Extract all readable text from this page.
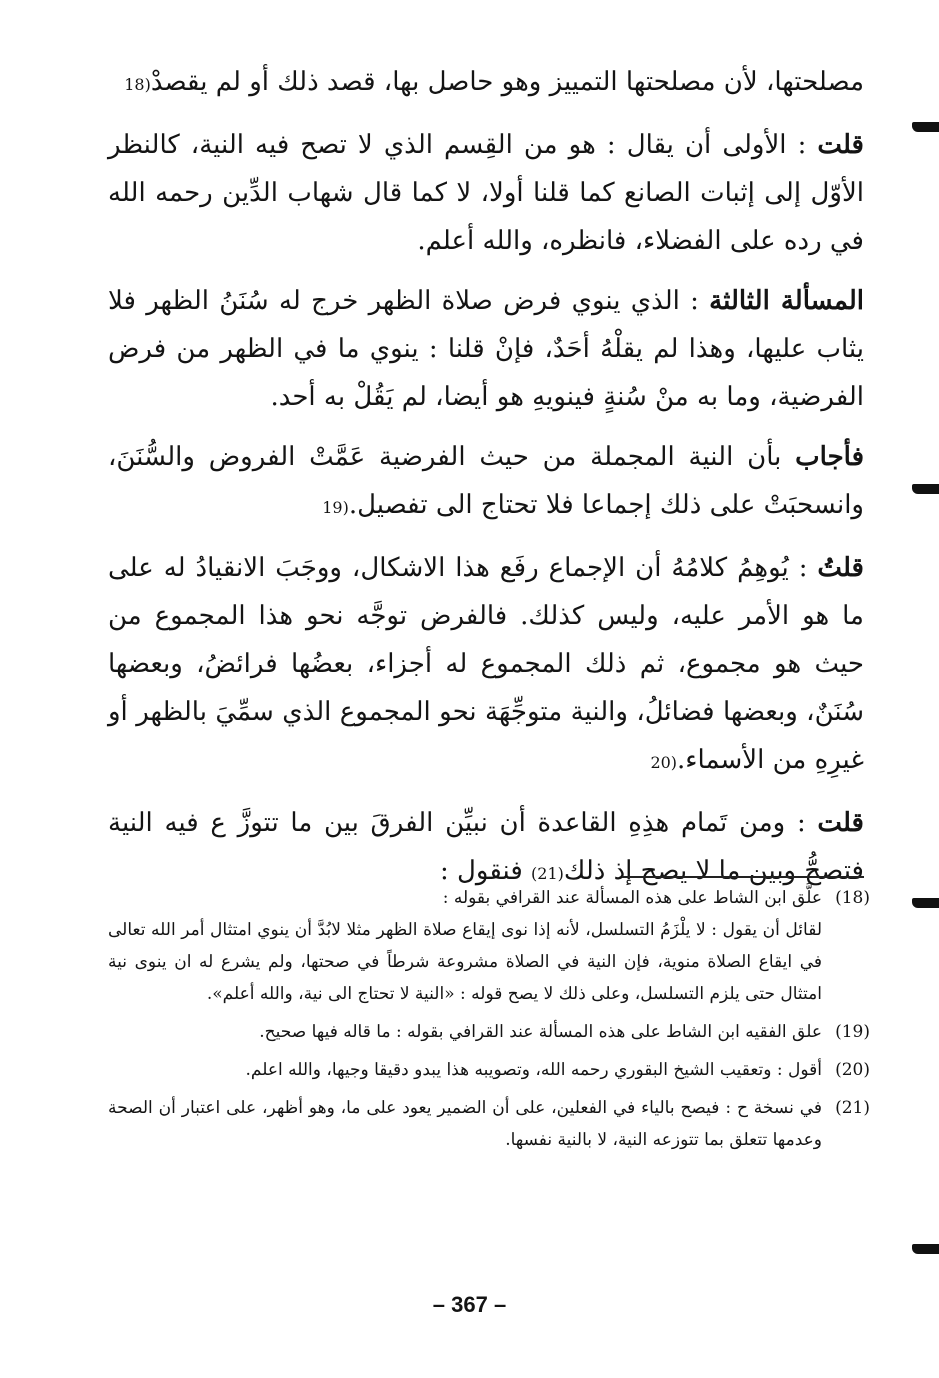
مصلحتها، لأن مصلحتها التمييز وهو حاصل بها، قصد ذلك أو لم يقصدْ(18

قلت : الأولى أن يقال : هو من القِسم الذي لا تصح فيه النية، كالنظر الأوّل إلى إثبات الصانع كما قلنا أولا، لا كما قال شهاب الدِّين رحمه الله في رده على الفضلاء، فانظره، والله أعلم.

المسألة الثالثة : الذي ينوي فرض صلاة الظهر خرج له سُنَنُ الظهر فلا يثاب عليها، وهذا لم يقلْهُ أحَدٌ، فإنْ قلنا : ينوي ما في الظهر من فرض الفرضية، وما به منْ سُنةٍ فينويهِ هو أيضا، لم يَقُلْ به أحد.

فأجاب بأن النية المجملة من حيث الفرضية عَمَّتْ الفروض والسُّنَنَ، وانسحبَتْ على ذلك إجماعا فلا تحتاج الى تفصيل.(19

قلتُ : يُوهِمُ كلامُهُ أن الإجماع رفَع هذا الاشكال، ووجَبَ الانقيادُ له على ما هو الأمر عليه، وليس كذلك. فالفرض توجَّه نحو هذا المجموع من حيث هو مجموع، ثم ذلك المجموع له أجزاء، بعضُها فرائضُ، وبعضها سُنَنٌ، وبعضها فضائلُ، والنية متوجِّهَة نحو المجموع الذي سمِّيَ بالظهر أو غيرِهِ من الأسماء.(20

قلت : ومن تَمام هذِهِ القاعدة أن نبيِّن الفرقَ بين ما تتوزَّ ع فيه النية فتصحُّ وبين ما لا يصح إذ ذلك(21) فنقول :

(18)
علَّق ابن الشاط على هذه المسألة عند القرافي بقوله :
لقائل أن يقول : لا يلْزَمُ التسلسل، لأنه إذا نوى إيقاع صلاة الظهر مثلا لابُدَّ أن ينوي امتثال أمر الله تعالى في ايقاع الصلاة منوية، فإن النية في الصلاة مشروعة شرطاً في صحتها، ولم يشرع له ان ينوى نية امتثال حتى يلزم التسلسل، وعلى ذلك لا يصح قوله : «النية لا تحتاج الى نية، والله أعلم».
(19)
علق الفقيه ابن الشاط على هذه المسألة عند القرافي بقوله : ما قاله فيها صحيح.
(20)
أقول : وتعقيب الشيخ البقوري رحمه الله، وتصويبه هذا يبدو دقيقا وجيها، والله اعلم.
(21)
في نسخة ح : فيصح بالياء في الفعلين، على أن الضمير يعود على ما، وهو أظهر، على اعتبار أن الصحة وعدمها تتعلق بما تتوزعه النية، لا بالنية نفسها.
– 367 –
